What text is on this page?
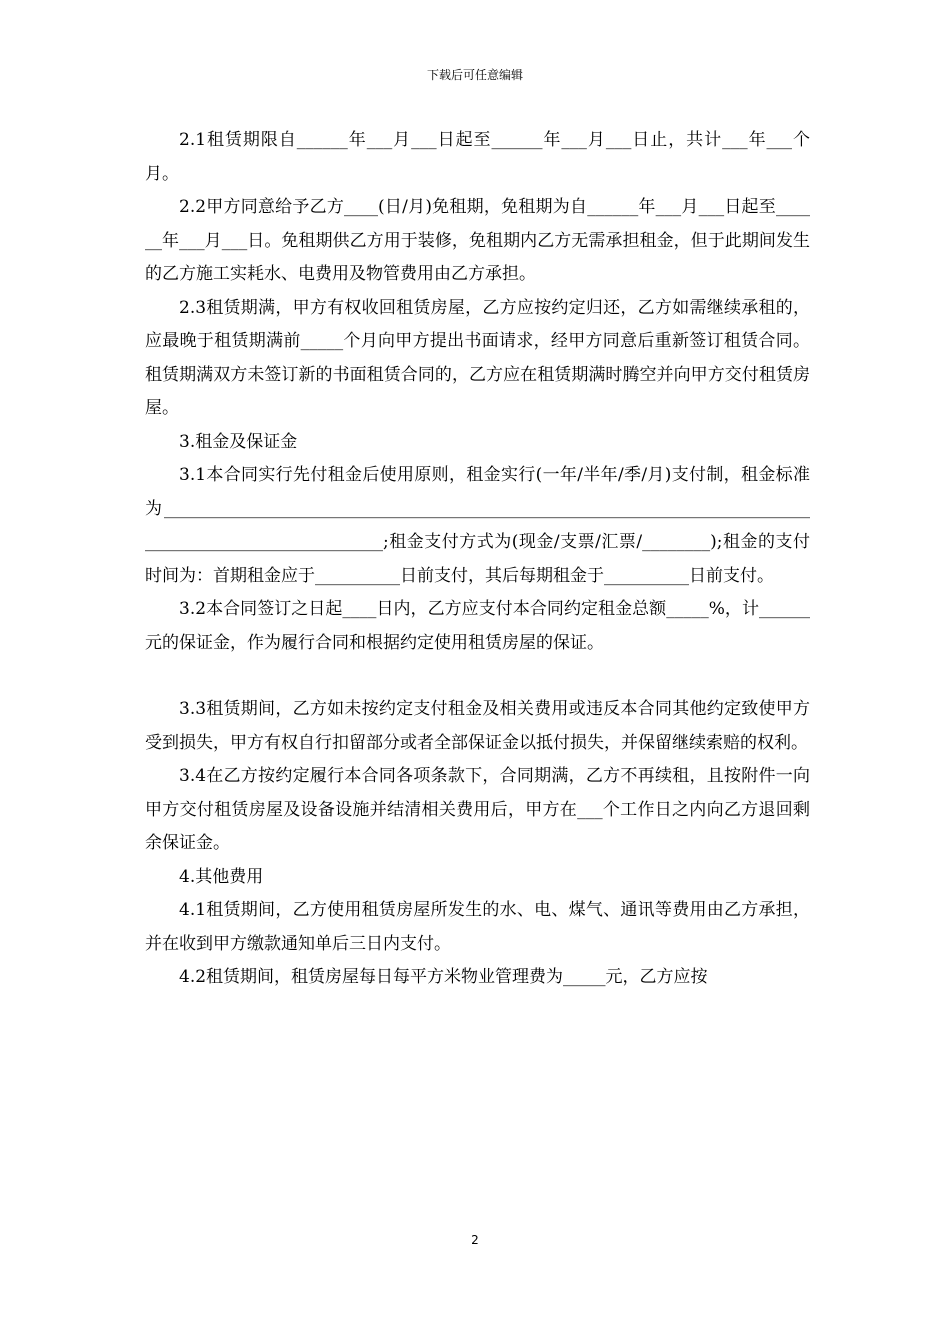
下载后可任意编辑

2.1租赁期限自______年___月___日起至______年___月___日止，共计___年___个月。

2.2甲方同意给予乙方____(日/月)免租期，免租期为自______年___月___日起至______年___月___日。免租期供乙方用于装修，免租期内乙方无需承担租金，但于此期间发生的乙方施工实耗水、电费用及物管费用由乙方承担。

2.3租赁期满，甲方有权收回租赁房屋，乙方应按约定归还，乙方如需继续承租的，应最晚于租赁期满前_____个月向甲方提出书面请求，经甲方同意后重新签订租赁合同。租赁期满双方未签订新的书面租赁合同的，乙方应在租赁期满时腾空并向甲方交付租赁房屋。

3.租金及保证金

3.1本合同实行先付租金后使用原则，租金实行(一年/半年/季/月)支付制，租金标准为________________________________________________________________________________________________________;租金支付方式为(现金/支票/汇票/________);租金的支付时间为：首期租金应于__________日前支付，其后每期租金于__________日前支付。

3.2本合同签订之日起____日内，乙方应支付本合同约定租金总额_____%，计______元的保证金，作为履行合同和根据约定使用租赁房屋的保证。

3.3租赁期间，乙方如未按约定支付租金及相关费用或违反本合同其他约定致使甲方受到损失，甲方有权自行扣留部分或者全部保证金以抵付损失，并保留继续索赔的权利。

3.4在乙方按约定履行本合同各项条款下，合同期满，乙方不再续租，且按附件一向甲方交付租赁房屋及设备设施并结清相关费用后，甲方在___个工作日之内向乙方退回剩余保证金。

4.其他费用

4.1租赁期间，乙方使用租赁房屋所发生的水、电、煤气、通讯等费用由乙方承担，并在收到甲方缴款通知单后三日内支付。

4.2租赁期间，租赁房屋每日每平方米物业管理费为_____元，乙方应按

2
